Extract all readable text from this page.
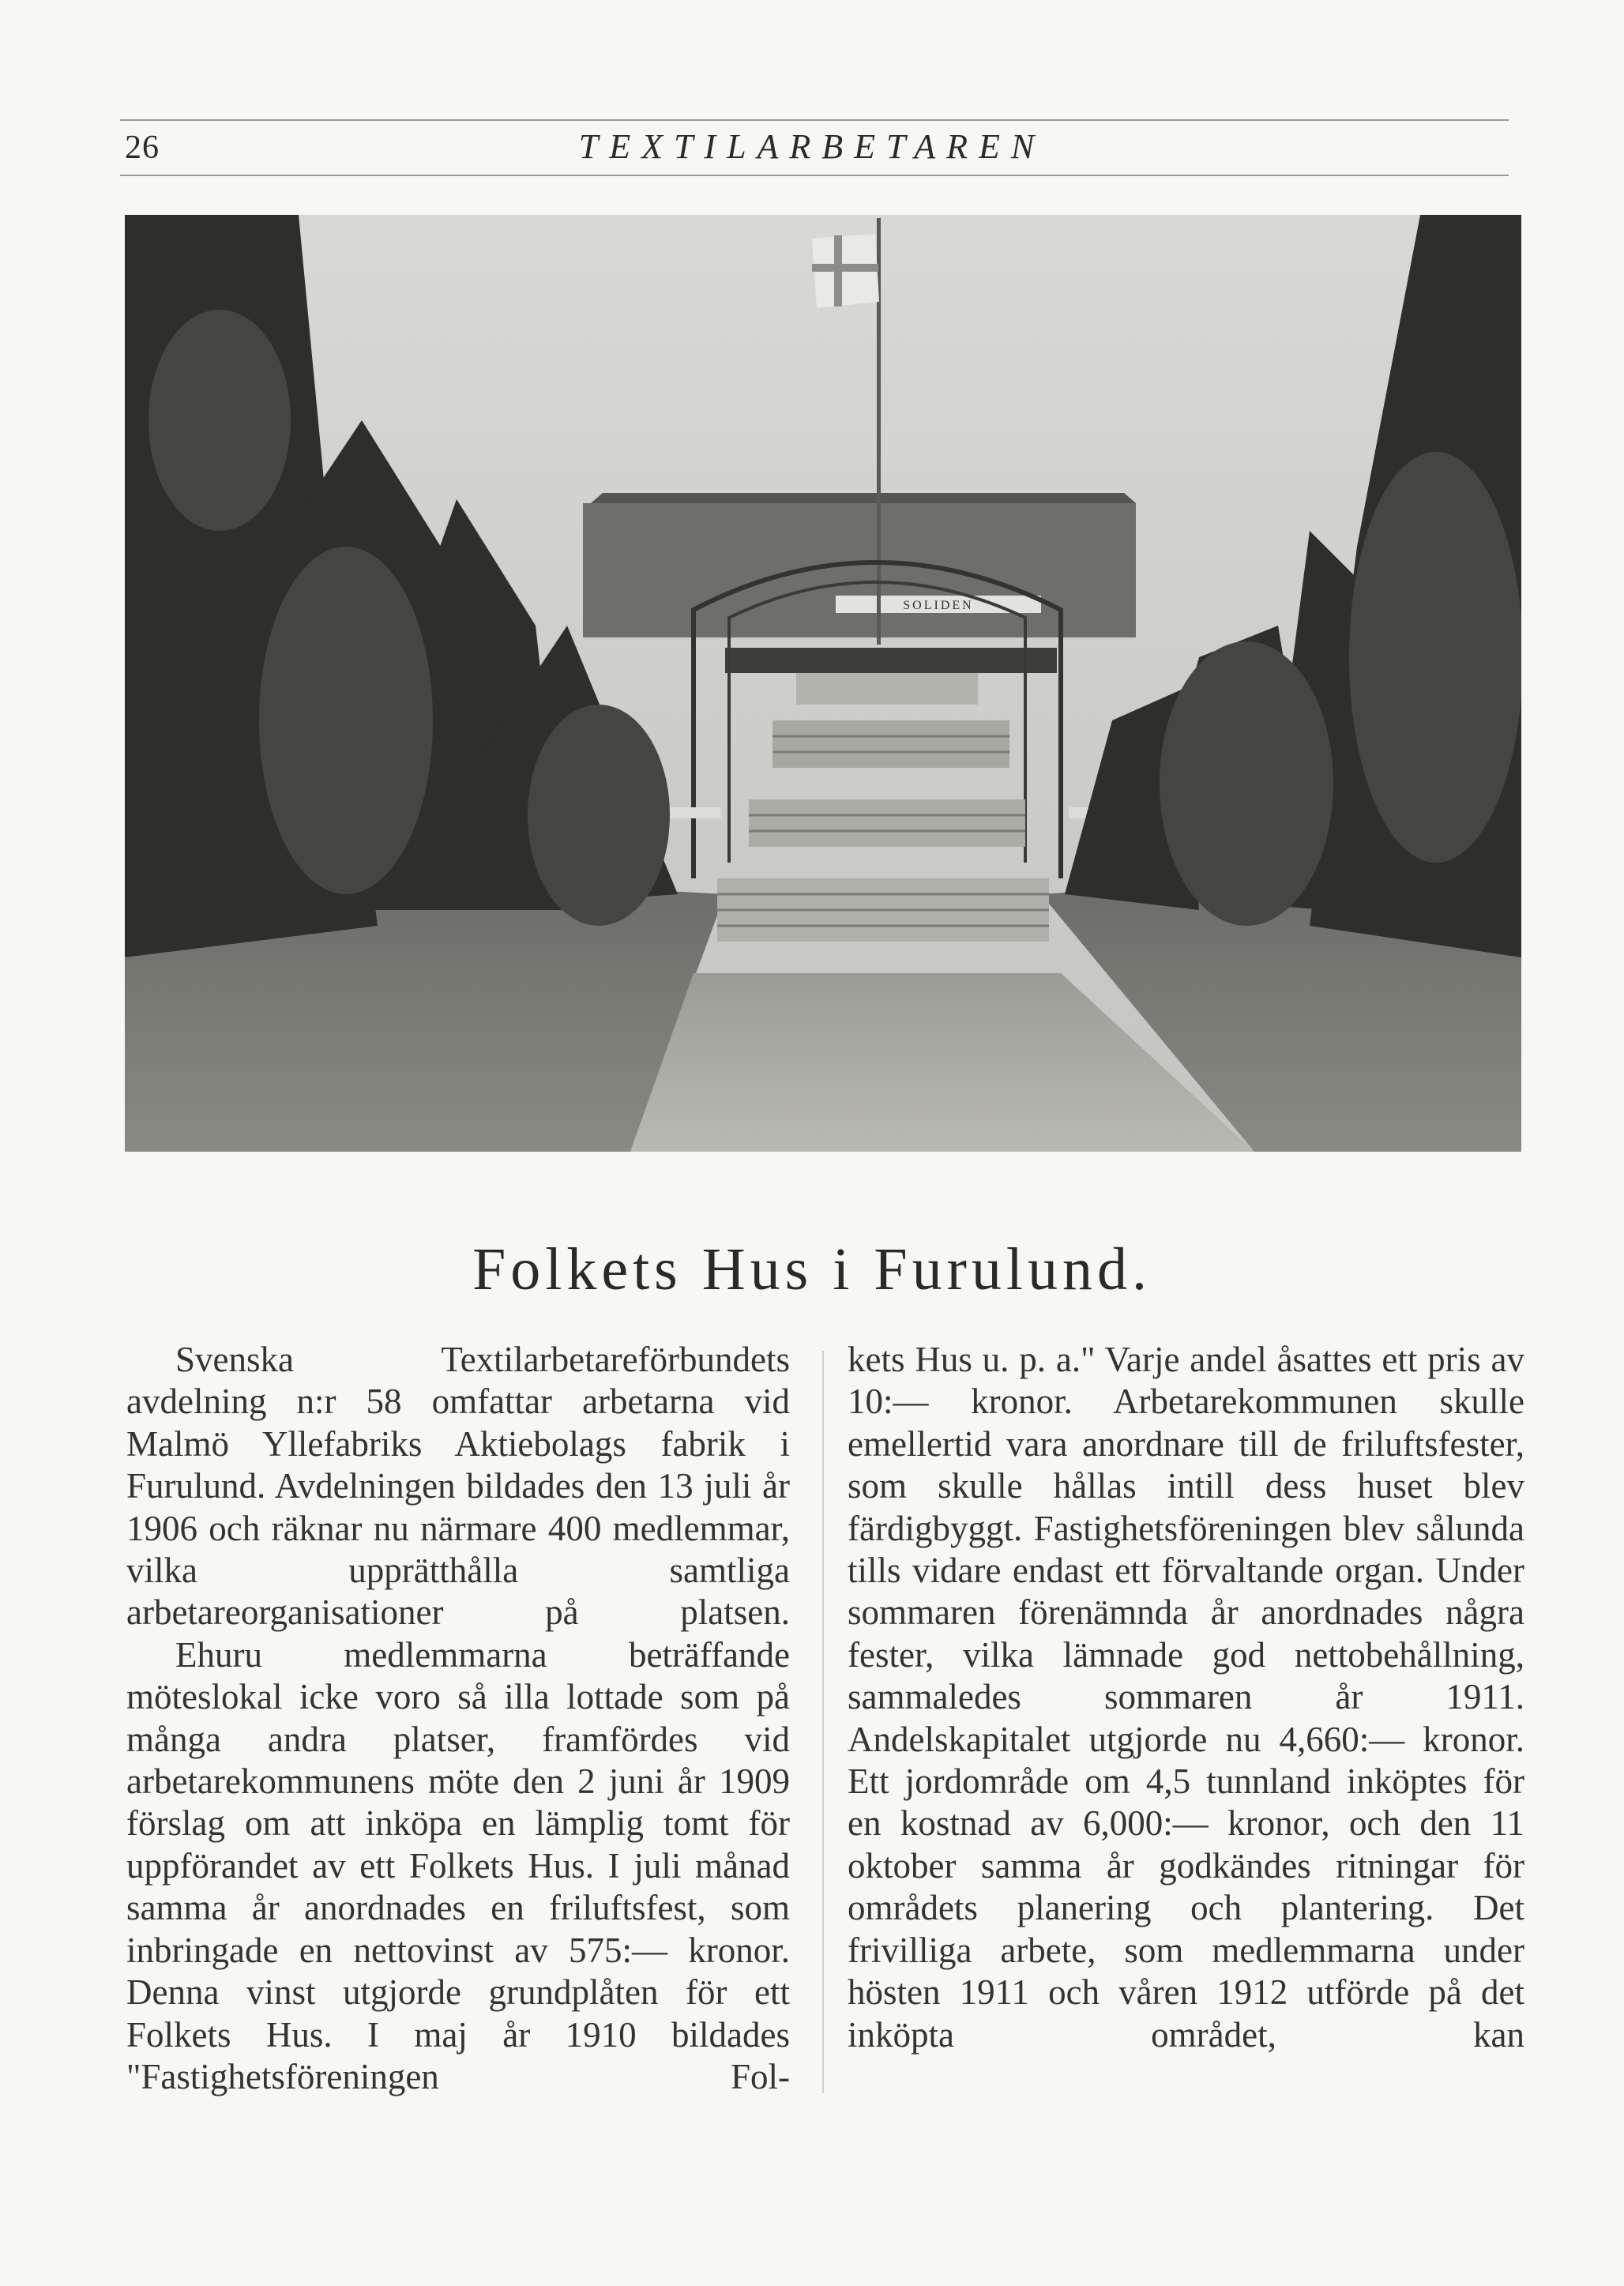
26	TEXTILARBETAREN
SOLIDEN
Folkets Hus i Furulund.

Svenska Textilarbetareförbundets avdelning n:r 58 omfattar arbetarna vid Malmö Yllefabriks Aktiebolags fabrik i Furulund. Avdelningen bildades den 13 juli år 1906 och räknar nu närmare 400 medlemmar, vilka upprätthålla samtliga arbetareorganisationer på platsen.

Ehuru medlemmarna beträffande möteslokal icke voro så illa lottade som på många andra platser, framfördes vid arbetarekommunens möte den 2 juni år 1909 förslag om att inköpa en lämplig tomt för uppförandet av ett Folkets Hus. I juli månad samma år anordnades en friluftsfest, som inbringade en nettovinst av 575:— kronor. Denna vinst utgjorde grundplåten för ett Folkets Hus. I maj år 1910 bildades "Fastighetsföreningen Fol-

kets Hus u. p. a." Varje andel åsattes ett pris av 10:— kronor. Arbetarekommunen skulle emellertid vara anordnare till de friluftsfester, som skulle hållas intill dess huset blev färdigbyggt. Fastighetsföreningen blev sålunda tills vidare endast ett förvaltande organ. Under sommaren förenämnda år anordnades några fester, vilka lämnade god nettobehållning, sammaledes sommaren år 1911. Andelskapitalet utgjorde nu 4,660:— kronor. Ett jordområde om 4,5 tunnland inköptes för en kostnad av 6,000:— kronor, och den 11 oktober samma år godkändes ritningar för områdets planering och plantering. Det frivilliga arbete, som medlemmarna under hösten 1911 och våren 1912 utförde på det inköpta området, kan
